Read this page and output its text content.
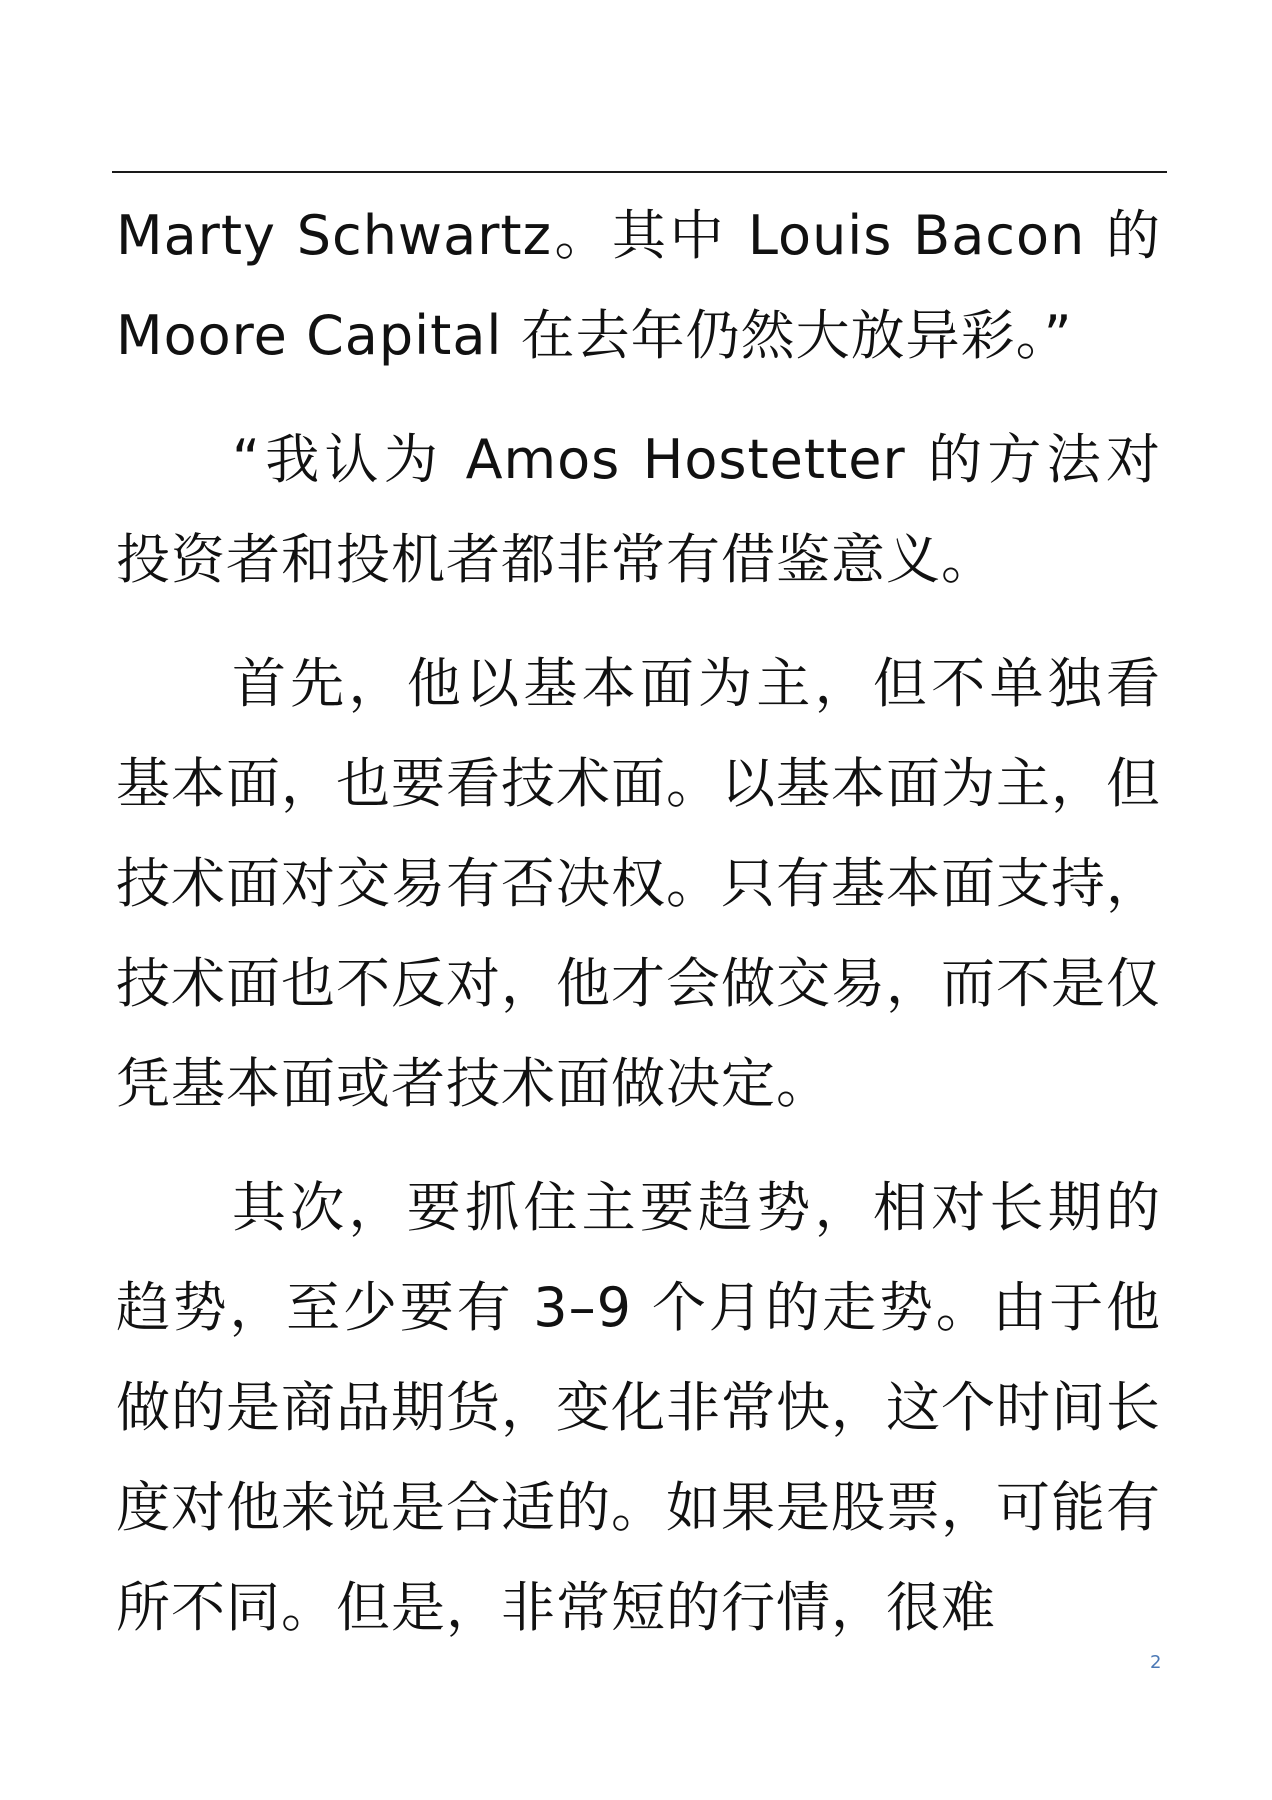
Marty Schwartz。其中 Louis Bacon 的 Moore Capital 在去年仍然大放异彩。”

“我认为 Amos Hostetter 的方法对投资者和投机者都非常有借鉴意义。

首先，他以基本面为主，但不单独看基本面，也要看技术面。以基本面为主，但技术面对交易有否决权。只有基本面支持，技术面也不反对，他才会做交易，而不是仅凭基本面或者技术面做决定。

其次，要抓住主要趋势，相对长期的趋势，至少要有 3–9 个月的走势。由于他做的是商品期货，变化非常快，这个时间长度对他来说是合适的。如果是股票，可能有所不同。但是，非常短的行情，很难

2
